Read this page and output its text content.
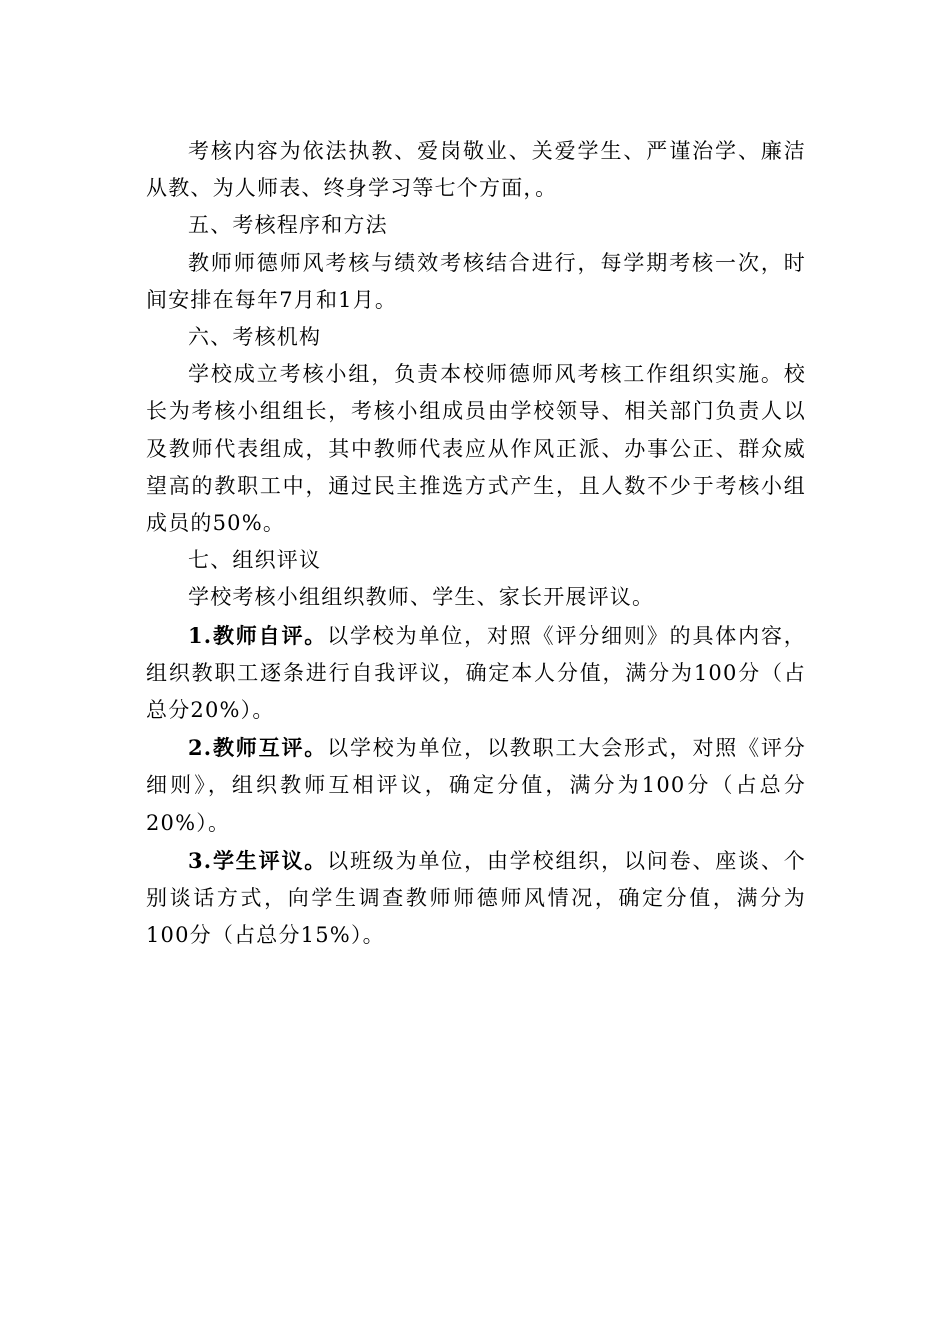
考核内容为依法执教、爱岗敬业、关爱学生、严谨治学、廉洁从教、为人师表、终身学习等七个方面，。

五、考核程序和方法

教师师德师风考核与绩效考核结合进行，每学期考核一次，时间安排在每年7月和1月。

六、考核机构

学校成立考核小组，负责本校师德师风考核工作组织实施。校长为考核小组组长，考核小组成员由学校领导、相关部门负责人以及教师代表组成，其中教师代表应从作风正派、办事公正、群众威望高的教职工中，通过民主推选方式产生，且人数不少于考核小组成员的50%。

七、组织评议

学校考核小组组织教师、学生、家长开展评议。

1.教师自评。以学校为单位，对照《评分细则》的具体内容，组织教职工逐条进行自我评议，确定本人分值，满分为100分（占总分20%）。

2.教师互评。以学校为单位，以教职工大会形式，对照《评分细则》，组织教师互相评议，确定分值，满分为100分（占总分20%）。

3.学生评议。以班级为单位，由学校组织，以问卷、座谈、个别谈话方式，向学生调查教师师德师风情况，确定分值，满分为100分（占总分15%）。
